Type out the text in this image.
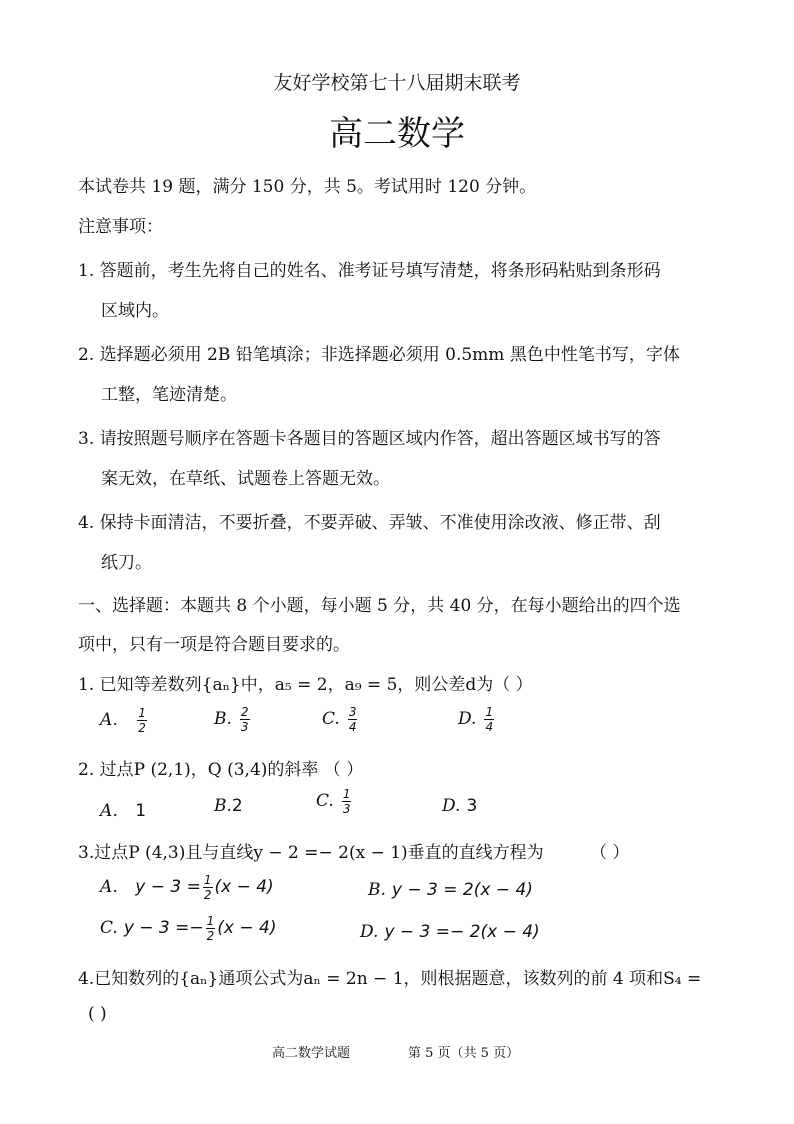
友好学校第七十八届期末联考
高二数学
本试卷共 19 题，满分 150 分，共 5。考试用时 120 分钟。
注意事项：
1. 答题前，考生先将自己的姓名、准考证号填写清楚，将条形码粘贴到条形码
区域内。
2. 选择题必须用 2B 铅笔填涂；非选择题必须用 0.5mm 黑色中性笔书写，字体
工整，笔迹清楚。
3. 请按照题号顺序在答题卡各题目的答题区域内作答，超出答题区域书写的答
案无效，在草纸、试题卷上答题无效。
4. 保持卡面清洁，不要折叠，不要弄破、弄皱、不准使用涂改液、修正带、刮
纸刀。
一、选择题：本题共 8 个小题，每小题 5 分，共 40 分，在每小题给出的四个选
项中，只有一项是符合题目要求的。
1. 已知等差数列{aₙ}中，a₅ = 2，a₉ = 5，则公差d为（ ）
A． $\frac{1}{2}$	B. $\frac{2}{3}$	C. $\frac{3}{4}$	D. $\frac{1}{4}$
2. 过点P (2,1)，Q (3,4)的斜率 （ ）
A． 1	B.2	C. $\frac{1}{3}$	D. 3
3.过点P (4,3)且与直线y − 2 =− 2(x − 1)垂直的直线方程为	（ ）
A． $y - 3 = \frac{1}{2} (x - 4)$	B. y − 3 = 2(x − 4)
C. $y - 3 =- \frac{1}{2} (x - 4)$	D. y − 3 =− 2(x − 4)
4.已知数列的{aₙ}通项公式为aₙ = 2n − 1，则根据题意，该数列的前 4 项和S₄ =
( )
高二数学试题	第 5 页（共 5 页）
